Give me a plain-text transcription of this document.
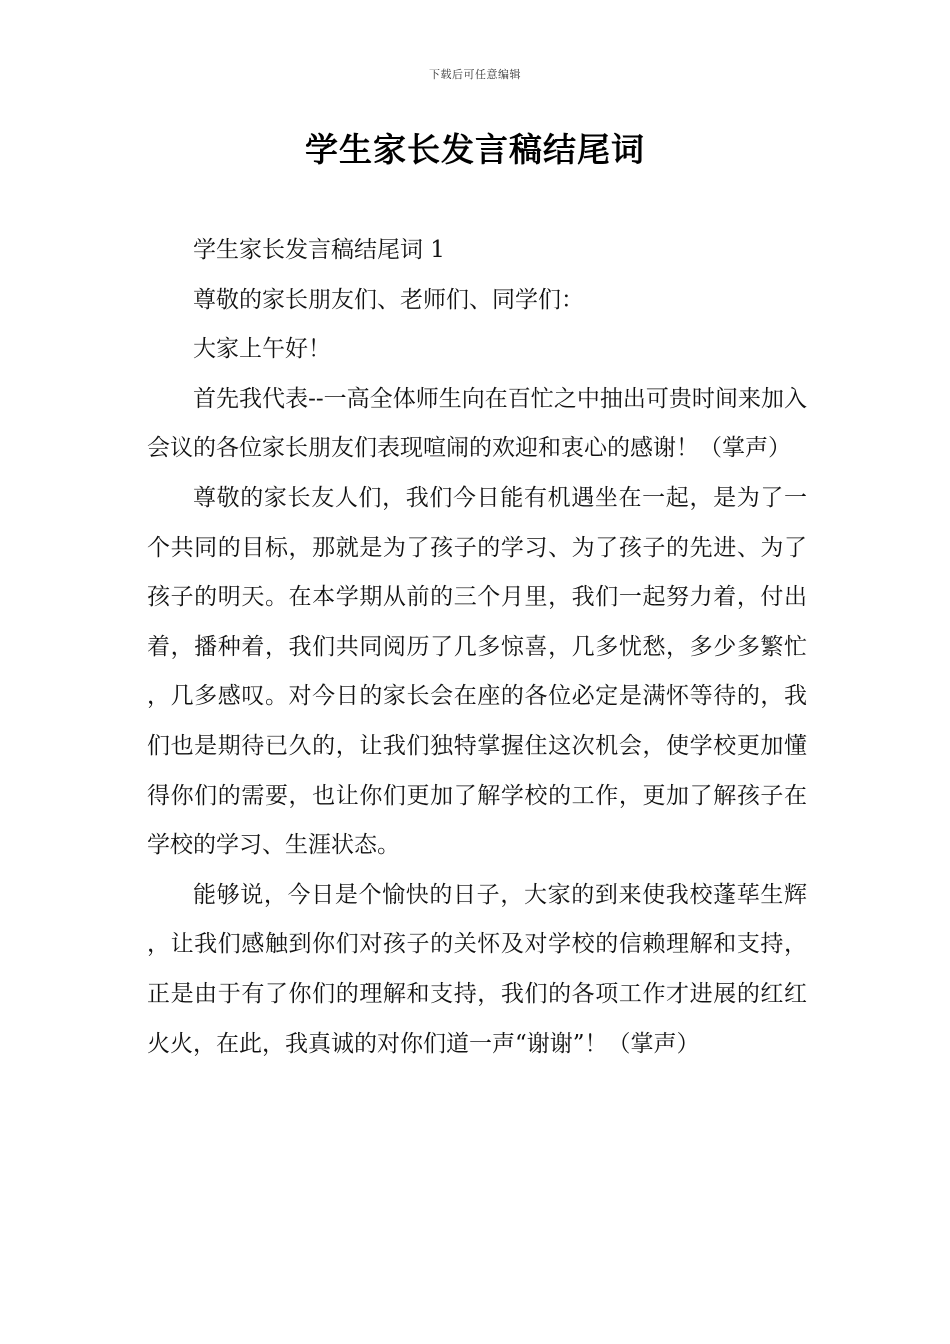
下载后可任意编辑
学生家长发言稿结尾词

学生家长发言稿结尾词 1

尊敬的家长朋友们、老师们、同学们：

大家上午好！

首先我代表--一高全体师生向在百忙之中抽出可贵时间来加入会议的各位家长朋友们表现喧闹的欢迎和衷心的感谢！（掌声）

尊敬的家长友人们，我们今日能有机遇坐在一起，是为了一个共同的目标，那就是为了孩子的学习、为了孩子的先进、为了孩子的明天。在本学期从前的三个月里，我们一起努力着，付出着，播种着，我们共同阅历了几多惊喜，几多忧愁，多少多繁忙，几多感叹。对今日的家长会在座的各位必定是满怀等待的，我们也是期待已久的，让我们独特掌握住这次机会，使学校更加懂得你们的需要，也让你们更加了解学校的工作，更加了解孩子在学校的学习、生涯状态。

能够说，今日是个愉快的日子，大家的到来使我校蓬荜生辉，让我们感触到你们对孩子的关怀及对学校的信赖理解和支持，正是由于有了你们的理解和支持，我们的各项工作才进展的红红火火，在此，我真诚的对你们道一声“谢谢”！（掌声）
